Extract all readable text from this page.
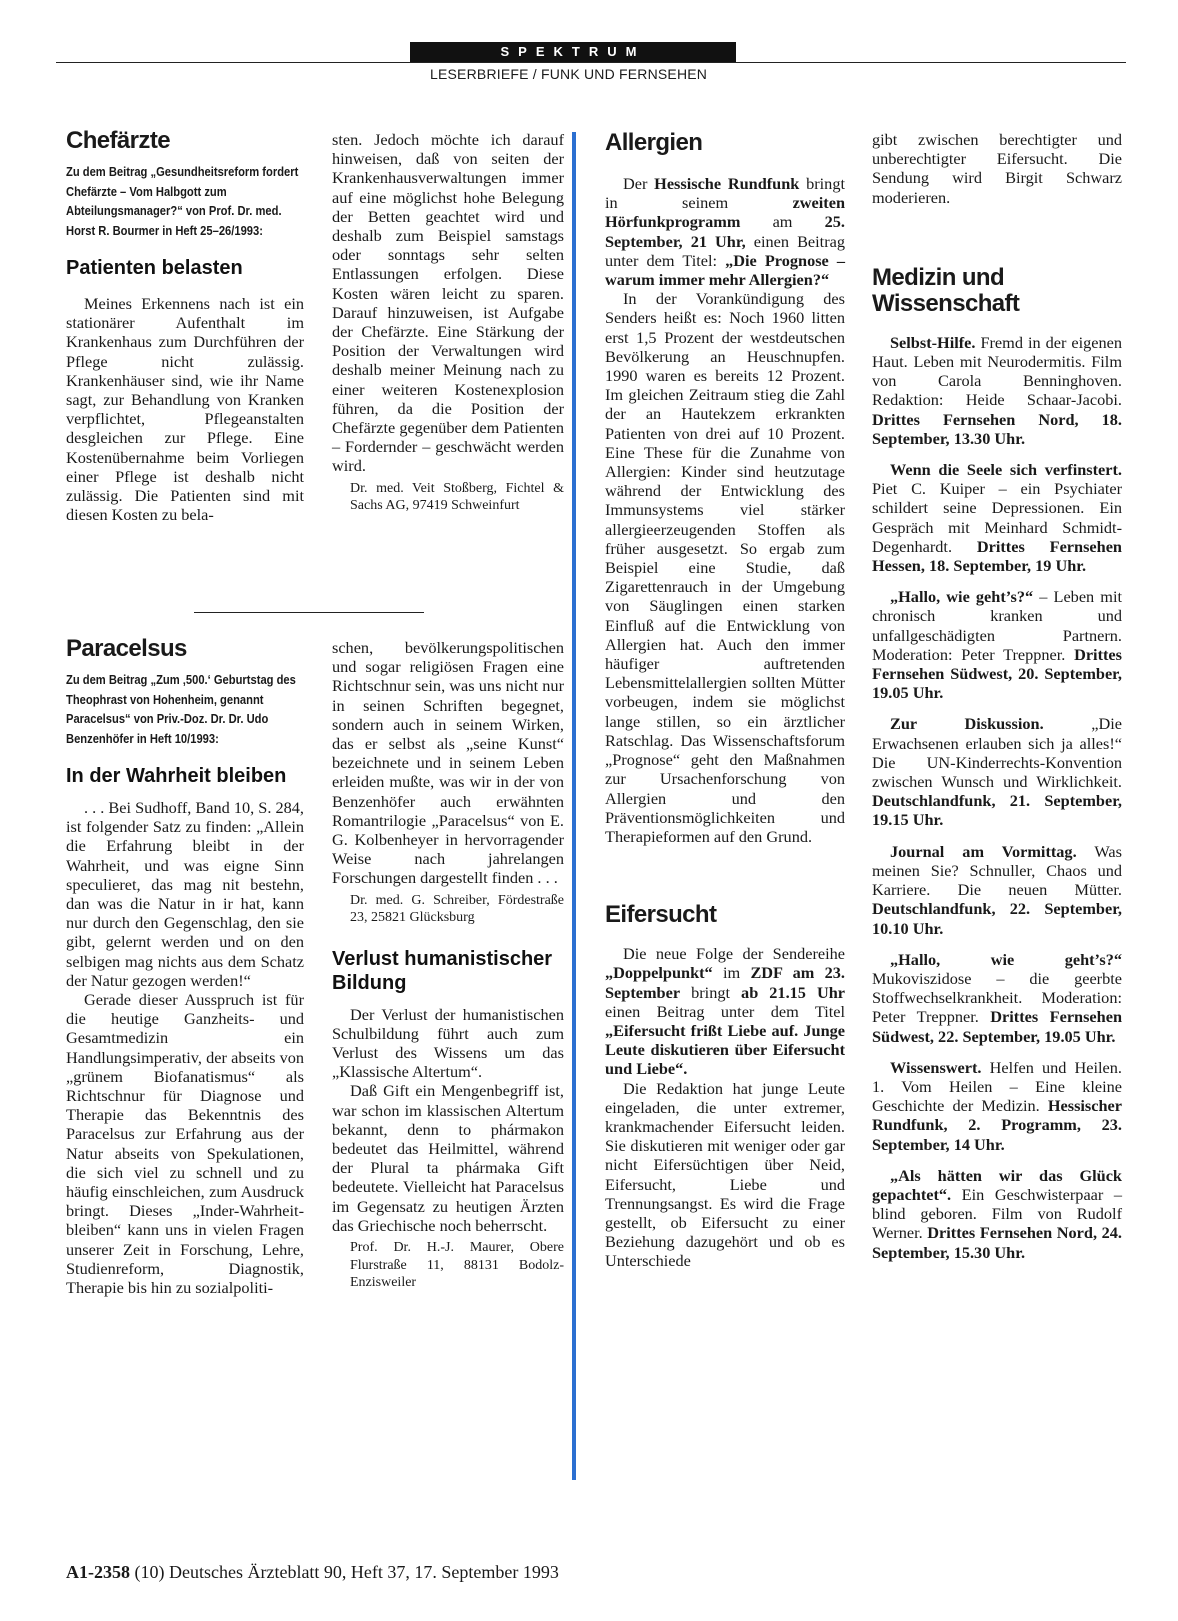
SPEKTRUM
LESERBRIEFE / FUNK UND FERNSEHEN
Chefärzte

Zu dem Beitrag „Gesundheitsreform fordert Chefärzte – Vom Halbgott zum Abteilungsmanager?“ von Prof. Dr. med. Horst R. Bourmer in Heft 25–26/1993:

Patienten belasten

Meines Erkennens nach ist ein stationärer Aufenthalt im Krankenhaus zum Durchführen der Pflege nicht zulässig. Krankenhäuser sind, wie ihr Name sagt, zur Behandlung von Kranken verpflichtet, Pflegeanstalten desgleichen zur Pflege. Eine Kostenübernahme beim Vorliegen einer Pflege ist deshalb nicht zulässig. Die Patienten sind mit diesen Kosten zu bela-

sten. Jedoch möchte ich darauf hinweisen, daß von seiten der Krankenhausverwaltungen immer auf eine möglichst hohe Belegung der Betten geachtet wird und deshalb zum Beispiel samstags oder sonntags sehr selten Entlassungen erfolgen. Diese Kosten wären leicht zu sparen. Darauf hinzuweisen, ist Aufgabe der Chefärzte. Eine Stärkung der Position der Verwaltungen wird deshalb meiner Meinung nach zu einer weiteren Kostenexplosion führen, da die Position der Chefärzte gegenüber dem Patienten – Fordernder – geschwächt werden wird.

Dr. med. Veit Stoßberg, Fichtel & Sachs AG, 97419 Schweinfurt

Paracelsus

Zu dem Beitrag „Zum ‚500.‘ Geburtstag des Theophrast von Hohenheim, genannt Paracelsus“ von Priv.-Doz. Dr. Dr. Udo Benzenhöfer in Heft 10/1993:

In der Wahrheit bleiben

. . . Bei Sudhoff, Band 10, S. 284, ist folgender Satz zu finden: „Allein die Erfahrung bleibt in der Wahrheit, und was eigne Sinn speculieret, das mag nit bestehn, dan was die Natur in ir hat, kann nur durch den Gegenschlag, den sie gibt, gelernt werden und on den selbigen mag nichts aus dem Schatz der Natur gezogen werden!“

Gerade dieser Ausspruch ist für die heutige Ganzheits- und Gesamtmedizin ein Handlungsimperativ, der abseits von „grünem Biofanatismus“ als Richtschnur für Diagnose und Therapie das Bekenntnis des Paracelsus zur Erfahrung aus der Natur abseits von Spekulationen, die sich viel zu schnell und zu häufig einschleichen, zum Ausdruck bringt. Dieses „Inder-Wahrheit-bleiben“ kann uns in vielen Fragen unserer Zeit in Forschung, Lehre, Studienreform, Diagnostik, Therapie bis hin zu sozialpoliti-

schen, bevölkerungspolitischen und sogar religiösen Fragen eine Richtschnur sein, was uns nicht nur in seinen Schriften begegnet, sondern auch in seinem Wirken, das er selbst als „seine Kunst“ bezeichnete und in seinem Leben erleiden mußte, was wir in der von Benzenhöfer auch erwähnten Romantrilogie „Paracelsus“ von E. G. Kolbenheyer in hervorragender Weise nach jahrelangen Forschungen dargestellt finden . . .

Dr. med. G. Schreiber, Fördestraße 23, 25821 Glücksburg

Verlust humanistischer Bildung

Der Verlust der humanistischen Schulbildung führt auch zum Verlust des Wissens um das „Klassische Altertum“.

Daß Gift ein Mengenbegriff ist, war schon im klassischen Altertum bekannt, denn to phármakon bedeutet das Heilmittel, während der Plural ta phármaka Gift bedeutete. Vielleicht hat Paracelsus im Gegensatz zu heutigen Ärzten das Griechische noch beherrscht.

Prof. Dr. H.-J. Maurer, Obere Flurstraße 11, 88131 Bodolz-Enzisweiler

Allergien

Der Hessische Rundfunk bringt in seinem zweiten Hörfunkprogramm am 25. September, 21 Uhr, einen Beitrag unter dem Titel: „Die Prognose – warum immer mehr Allergien?“

In der Vorankündigung des Senders heißt es: Noch 1960 litten erst 1,5 Prozent der westdeutschen Bevölkerung an Heuschnupfen. 1990 waren es bereits 12 Prozent. Im gleichen Zeitraum stieg die Zahl der an Hautekzem erkrankten Patienten von drei auf 10 Prozent. Eine These für die Zunahme von Allergien: Kinder sind heutzutage während der Entwicklung des Immunsystems viel stärker allergieerzeugenden Stoffen als früher ausgesetzt. So ergab zum Beispiel eine Studie, daß Zigarettenrauch in der Umgebung von Säuglingen einen starken Einfluß auf die Entwicklung von Allergien hat. Auch den immer häufiger auftretenden Lebensmittelallergien sollten Mütter vorbeugen, indem sie möglichst lange stillen, so ein ärztlicher Ratschlag. Das Wissenschaftsforum „Prognose“ geht den Maßnahmen zur Ursachenforschung von Allergien und den Präventionsmöglichkeiten und Therapieformen auf den Grund.

Eifersucht

Die neue Folge der Sendereihe „Doppelpunkt“ im ZDF am 23. September bringt ab 21.15 Uhr einen Beitrag unter dem Titel „Eifersucht frißt Liebe auf. Junge Leute diskutieren über Eifersucht und Liebe“.

Die Redaktion hat junge Leute eingeladen, die unter extremer, krankmachender Eifersucht leiden. Sie diskutieren mit weniger oder gar nicht Eifersüchtigen über Neid, Eifersucht, Liebe und Trennungsangst. Es wird die Frage gestellt, ob Eifersucht zu einer Beziehung dazugehört und ob es Unterschiede

gibt zwischen berechtigter und unberechtigter Eifersucht. Die Sendung wird Birgit Schwarz moderieren.

Medizin und Wissenschaft

Selbst-Hilfe. Fremd in der eigenen Haut. Leben mit Neurodermitis. Film von Carola Benninghoven. Redaktion: Heide Schaar-Jacobi. Drittes Fernsehen Nord, 18. September, 13.30 Uhr.

Wenn die Seele sich verfinstert. Piet C. Kuiper – ein Psychiater schildert seine Depressionen. Ein Gespräch mit Meinhard Schmidt-Degenhardt. Drittes Fernsehen Hessen, 18. September, 19 Uhr.

„Hallo, wie geht’s?“ – Leben mit chronisch kranken und unfallgeschädigten Partnern. Moderation: Peter Treppner. Drittes Fernsehen Südwest, 20. September, 19.05 Uhr.

Zur Diskussion. „Die Erwachsenen erlauben sich ja alles!“ Die UN-Kinderrechts-Konvention zwischen Wunsch und Wirklichkeit. Deutschlandfunk, 21. September, 19.15 Uhr.

Journal am Vormittag. Was meinen Sie? Schnuller, Chaos und Karriere. Die neuen Mütter. Deutschlandfunk, 22. September, 10.10 Uhr.

„Hallo, wie geht’s?“ Mukoviszidose – die geerbte Stoffwechselkrankheit. Moderation: Peter Treppner. Drittes Fernsehen Südwest, 22. September, 19.05 Uhr.

Wissenswert. Helfen und Heilen. 1. Vom Heilen – Eine kleine Geschichte der Medizin. Hessischer Rundfunk, 2. Programm, 23. September, 14 Uhr.

„Als hätten wir das Glück gepachtet“. Ein Geschwisterpaar – blind geboren. Film von Rudolf Werner. Drittes Fernsehen Nord, 24. September, 15.30 Uhr.

A1-2358 (10) Deutsches Ärzteblatt 90, Heft 37, 17. September 1993
